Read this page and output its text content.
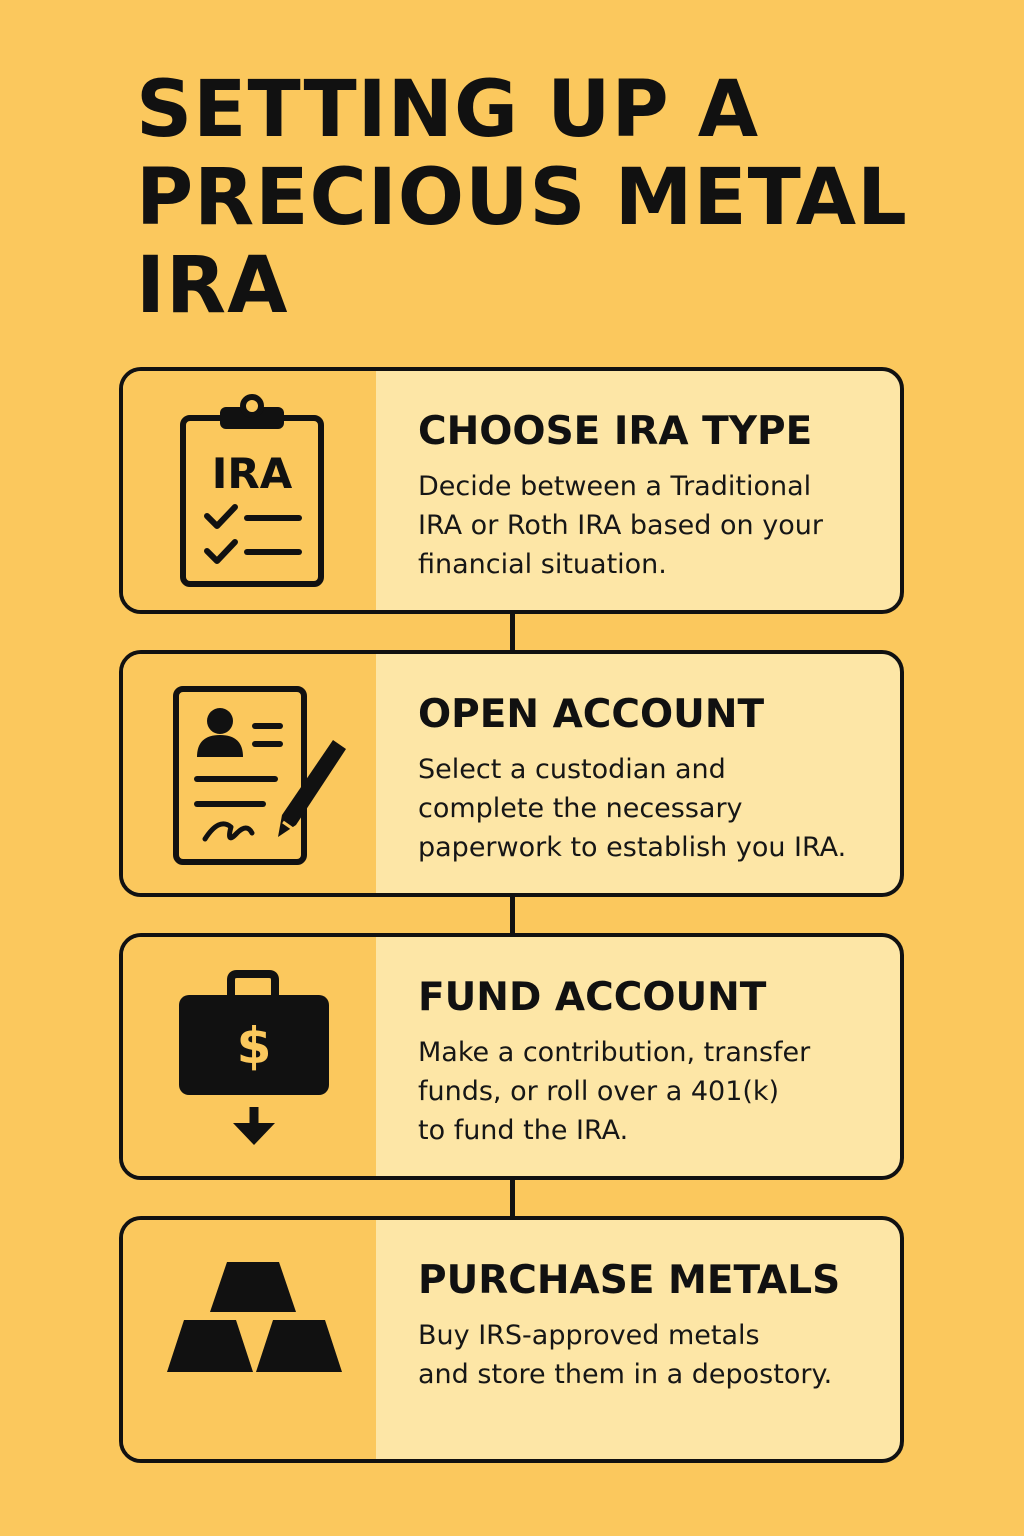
SETTING UP A
PRECIOUS METAL
IRA
IRA
CHOOSE IRA TYPE

Decide between a Traditional
IRA or Roth IRA based on your
financial situation.

OPEN ACCOUNT

Select a custodian and
complete the necessary
paperwork to establish you IRA.

$
FUND ACCOUNT

Make a contribution, transfer
funds, or roll over a 401(k)
to fund the IRA.

PURCHASE METALS

Buy IRS-approved metals
and store them in a depostory.
